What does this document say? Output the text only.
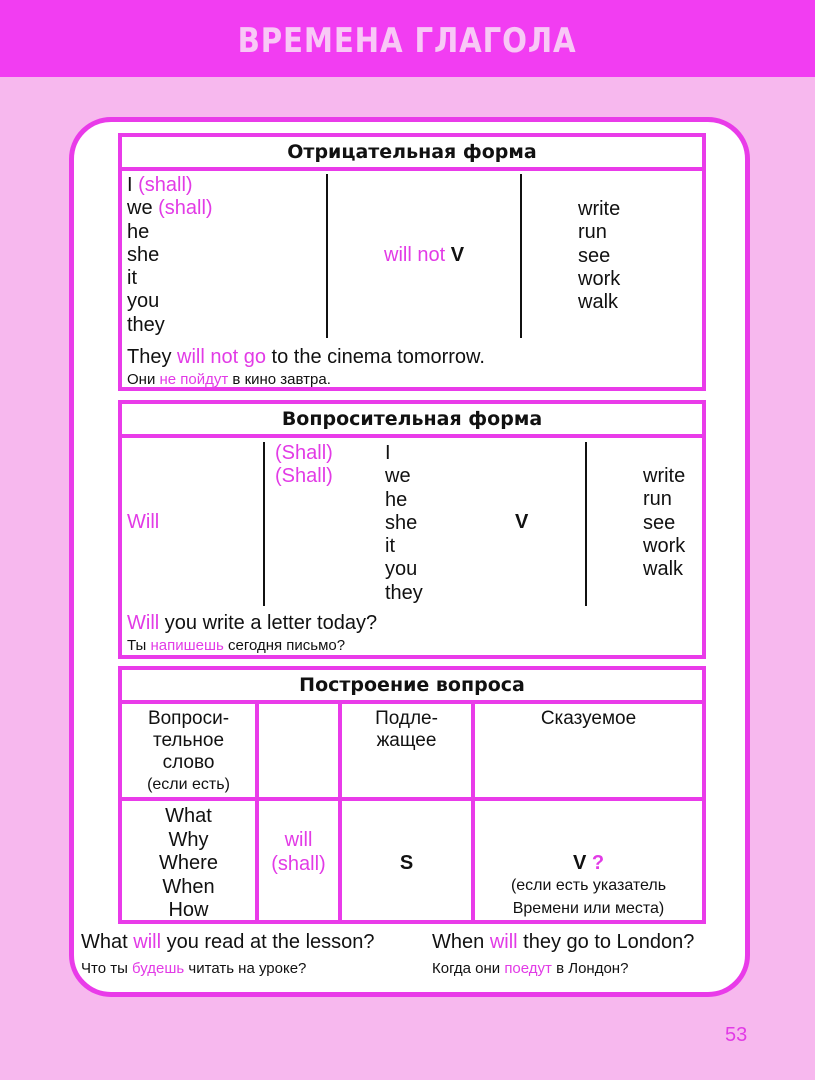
ВРЕМЕНА ГЛАГОЛА
Отрицательная форма
I (shall)
we (shall)
he
she
it
you
they
will not V
write
run
see
work
walk
They will not go to the cinema tomorrow.
Они не пойдут в кино завтра.
Вопросительная форма
Will
(Shall)
(Shall)
I
we
he
she
it
you
they
V
write
run
see
work
walk
Will you write a letter today?
Ты напишешь сегодня письмо?
Построение вопроса
Вопроси-
тельное
слово
(если есть)
Подле-
жащее
Сказуемое
What
Why
Where
When
How
will
(shall)	S	V ?
(если есть указатель
Времени или места)
What will you read at the lesson?
Что ты будешь читать на уроке?
When will they go to London?
Когда они поедут в Лондон?
53
